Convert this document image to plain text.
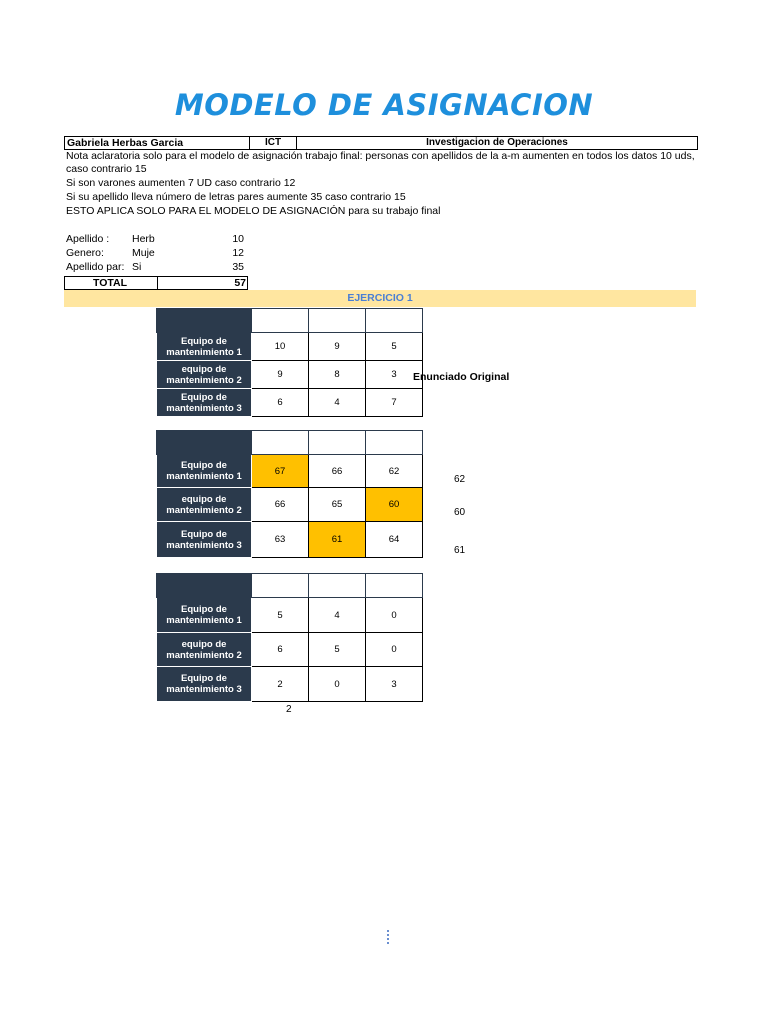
MODELO DE ASIGNACION
Gabriela Herbas Garcia	ICT	Investigacion de Operaciones
Nota aclaratoria solo para el modelo de asignación trabajo final: personas con apellidos de la a-m aumenten en todos los datos 10 uds,
caso contrario 15
Si son varones aumenten 7 UD caso contrario 12
Si su apellido lleva número de letras pares aumente 35 caso contrario 15
ESTO APLICA SOLO PARA EL MODELO DE ASIGNACIÓN para su trabajo final
Apellido : Herb	10
Genero:	Muje	12
Apellido par: Si	35
TOTAL	57
EJERCICIO 1
	Maquina 1	Maquina 2	Maquina 3
Equipo de
mantenimiento 1	10	9	5
equipo de
mantenimiento 2	9	8	3
Equipo de
mantenimiento 3	6	4	7
Enunciado Original
	Maquina 1	Maquina 2	Maquina 3
Equipo de
mantenimiento 1	67	66	62
equipo de
mantenimiento 2	66	65	60
Equipo de
mantenimiento 3	63	61	64
62
60
61
	Maquina 1	Maquina 2	Maquina 3
Equipo de
mantenimiento 1	5	4	0
equipo de
mantenimiento 2	6	5	0
Equipo de
mantenimiento 3	2	0	3
2
